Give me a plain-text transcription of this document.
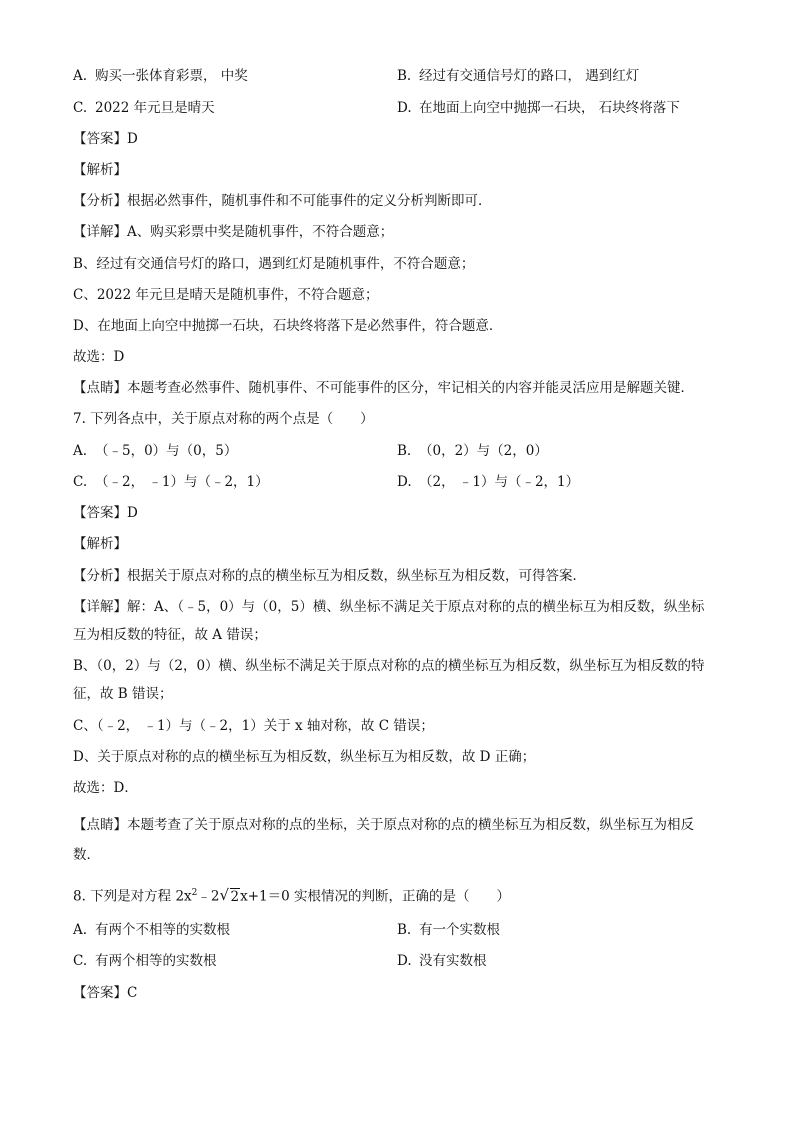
A. 购买一张体育彩票， 中奖	B. 经过有交通信号灯的路口， 遇到红灯
C. 2022 年元旦是晴天	D. 在地面上向空中抛掷一石块， 石块终将落下
【答案】D
【解析】
【分析】根据必然事件，随机事件和不可能事件的定义分析判断即可．
【详解】A、购买彩票中奖是随机事件，不符合题意；
B、经过有交通信号灯的路口，遇到红灯是随机事件，不符合题意；
C、2022 年元旦是晴天是随机事件，不符合题意；
D、在地面上向空中抛掷一石块，石块终将落下是必然事件，符合题意．
故选：D
【点睛】本题考查必然事件、随机事件、不可能事件的区分，牢记相关的内容并能灵活应用是解题关键．
7. 下列各点中，关于原点对称的两个点是（　　）
A. （﹣5，0）与（0，5）	B. （0，2）与（2，0）
C. （﹣2， ﹣1）与（﹣2，1）	D. （2， ﹣1）与（﹣2，1）
【答案】D
【解析】
【分析】根据关于原点对称的点的横坐标互为相反数，纵坐标互为相反数，可得答案．
【详解】解：A、（﹣5，0）与（0，5）横、纵坐标不满足关于原点对称的点的横坐标互为相反数，纵坐标
互为相反数的特征，故 A 错误；
B、（0，2）与（2，0）横、纵坐标不满足关于原点对称的点的横坐标互为相反数，纵坐标互为相反数的特
征，故 B 错误；
C、（﹣2， ﹣1）与（﹣2，1）关于 x 轴对称，故 C 错误；
D、关于原点对称的点的横坐标互为相反数，纵坐标互为相反数，故 D 正确；
故选：D．
【点睛】本题考查了关于原点对称的点的坐标，关于原点对称的点的横坐标互为相反数，纵坐标互为相反
数．
8. 下列是对方程 $2x^2﹣2√$ 2x+1＝0 实根情况的判断，正确的是（　　）
A. 有两个不相等的实数根	B. 有一个实数根
C. 有两个相等的实数根	D. 没有实数根
【答案】C
